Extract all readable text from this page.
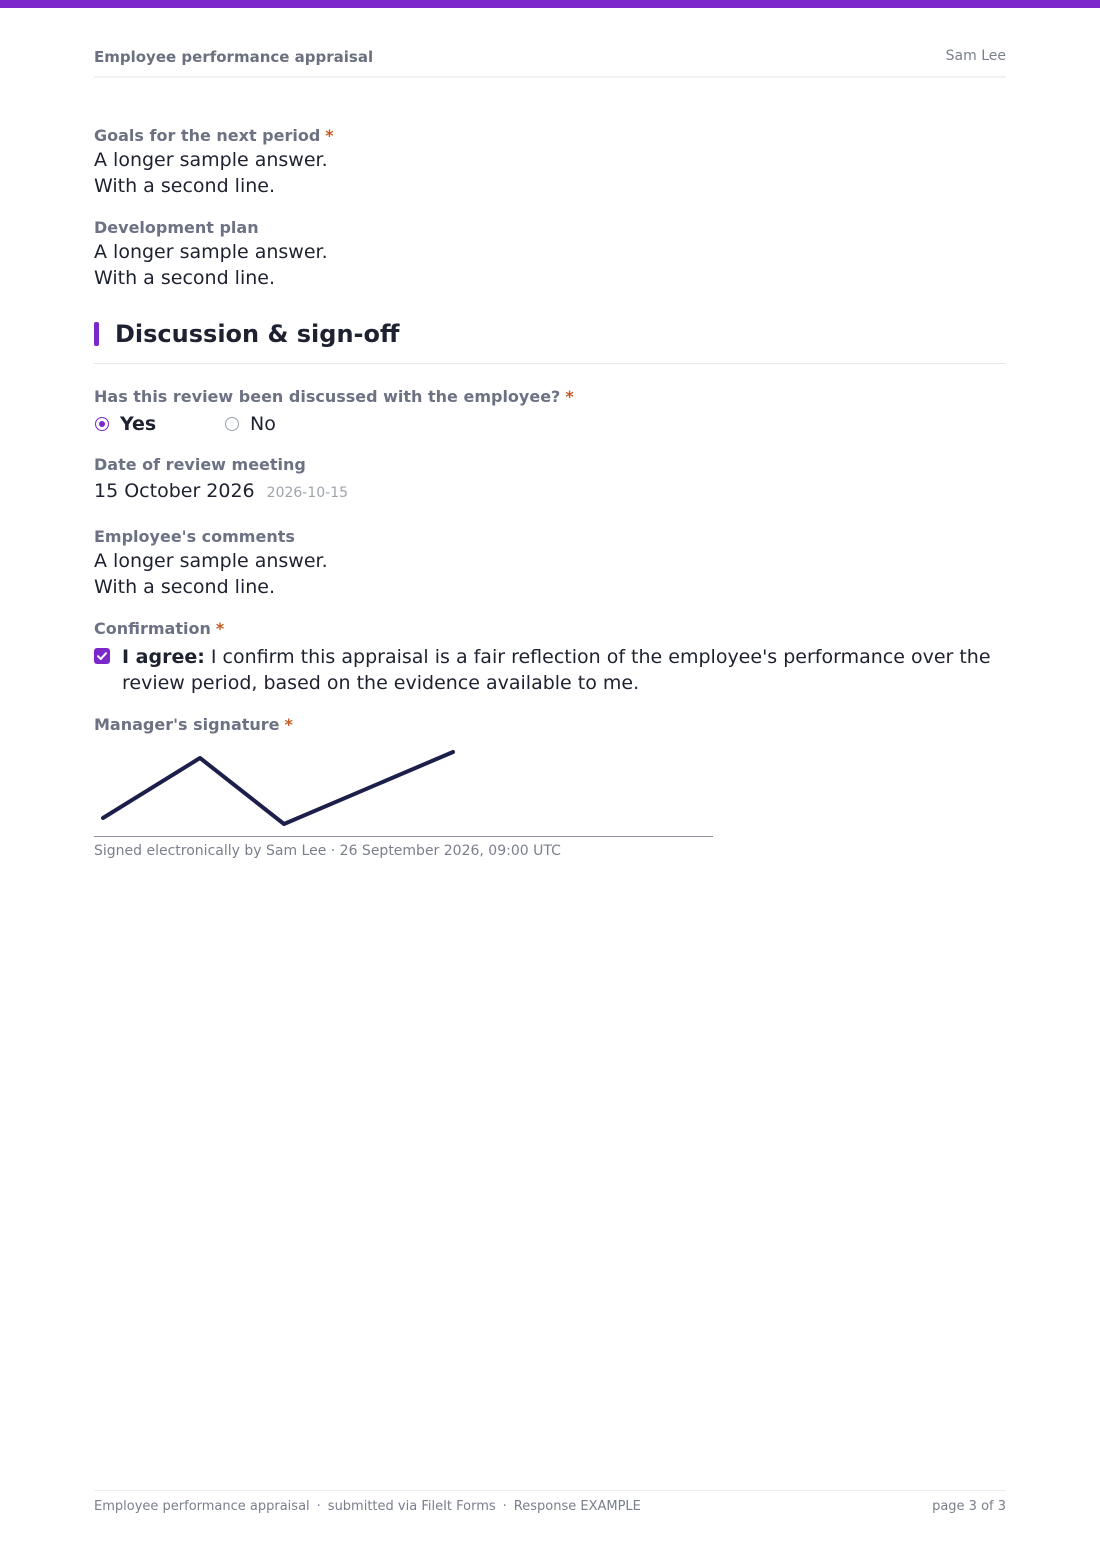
Employee performance appraisal	Sam Lee
Goals for the next period *
A longer sample answer.
With a second line.
Development plan
A longer sample answer.
With a second line.
Discussion & sign-off
Has this review been discussed with the employee? *
Yes	No
Date of review meeting
15 October 2026 2026-10-15
Employee's comments
A longer sample answer.
With a second line.
Confirmation *
I agree: I confirm this appraisal is a fair reflection of the employee's performance over the review period, based on the evidence available to me.
Manager's signature *
Signed electronically by Sam Lee · 26 September 2026, 09:00 UTC
Employee performance appraisal · submitted via FileIt Forms · Response EXAMPLE	page 3 of 3
